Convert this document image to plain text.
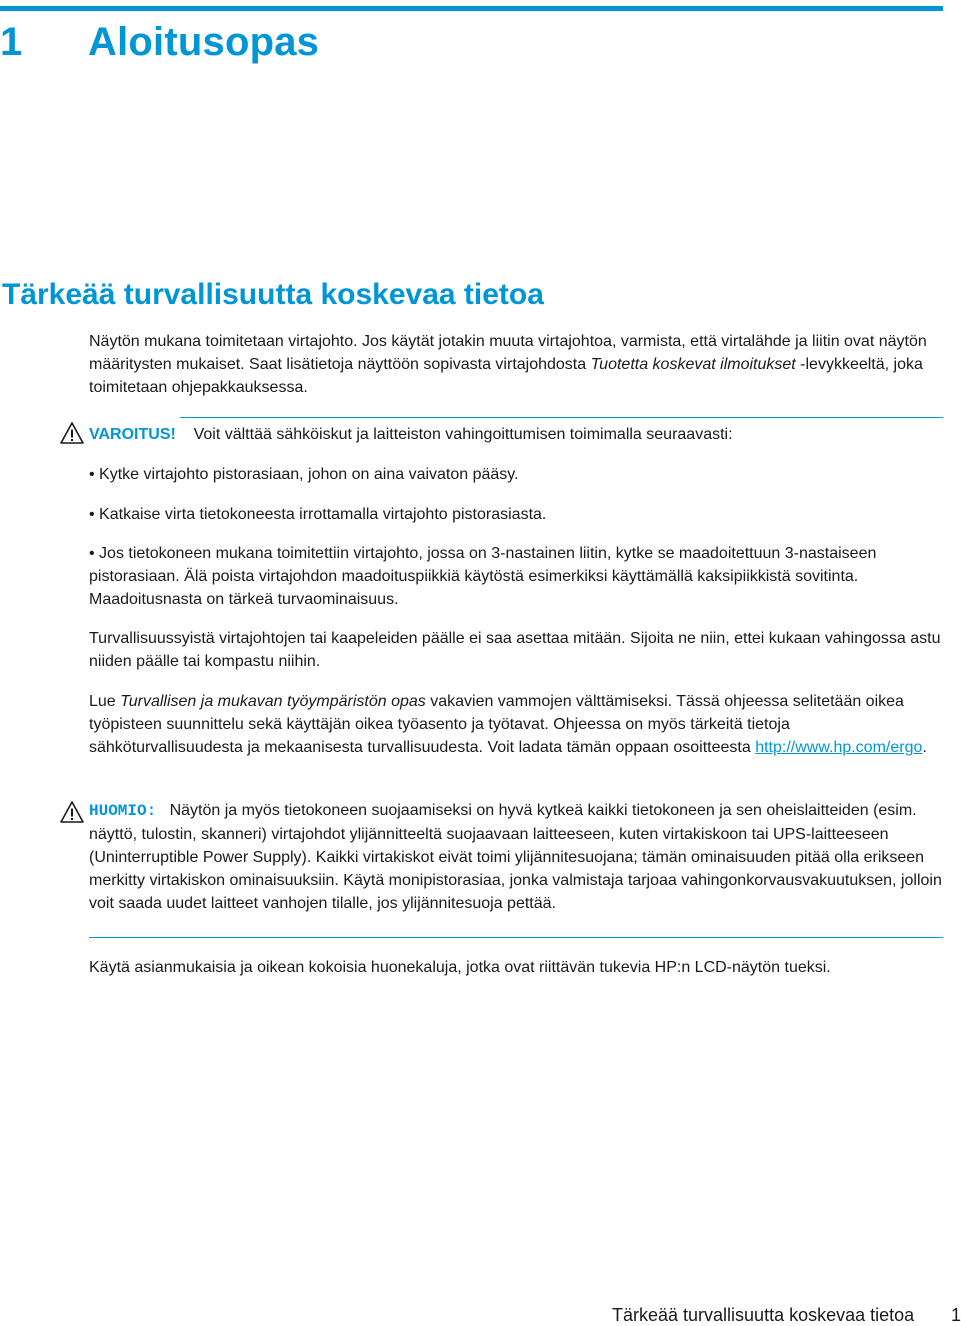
1 Aloitusopas
Tärkeää turvallisuutta koskevaa tietoa

Näytön mukana toimitetaan virtajohto. Jos käytät jotakin muuta virtajohtoa, varmista, että virtalähde ja liitin ovat näytön määritysten mukaiset. Saat lisätietoja näyttöön sopivasta virtajohdosta Tuotetta koskevat ilmoitukset -levykkeeltä, joka toimitetaan ohjepakkauksessa.

VAROITUS! Voit välttää sähköiskut ja laitteiston vahingoittumisen toimimalla seuraavasti:

• Kytke virtajohto pistorasiaan, johon on aina vaivaton pääsy.

• Katkaise virta tietokoneesta irrottamalla virtajohto pistorasiasta.

• Jos tietokoneen mukana toimitettiin virtajohto, jossa on 3-nastainen liitin, kytke se maadoitettuun 3-nastaiseen pistorasiaan. Älä poista virtajohdon maadoituspiikkiä käytöstä esimerkiksi käyttämällä kaksipiikkistä sovitinta. Maadoitusnasta on tärkeä turvaominaisuus.

Turvallisuussyistä virtajohtojen tai kaapeleiden päälle ei saa asettaa mitään. Sijoita ne niin, ettei kukaan vahingossa astu niiden päälle tai kompastu niihin.

Lue Turvallisen ja mukavan työympäristön opas vakavien vammojen välttämiseksi. Tässä ohjeessa selitetään oikea työpisteen suunnittelu sekä käyttäjän oikea työasento ja työtavat. Ohjeessa on myös tärkeitä tietoja sähköturvallisuudesta ja mekaanisesta turvallisuudesta. Voit ladata tämän oppaan osoitteesta http://www.hp.com/ergo.

HUOMIO: Näytön ja myös tietokoneen suojaamiseksi on hyvä kytkeä kaikki tietokoneen ja sen oheislaitteiden (esim. näyttö, tulostin, skanneri) virtajohdot ylijännitteeltä suojaavaan laitteeseen, kuten virtakiskoon tai UPS-laitteeseen (Uninterruptible Power Supply). Kaikki virtakiskot eivät toimi ylijännitesuojana; tämän ominaisuuden pitää olla erikseen merkitty virtakiskon ominaisuuksiin. Käytä monipistorasiaa, jonka valmistaja tarjoaa vahingonkorvausvakuutuksen, jolloin voit saada uudet laitteet vanhojen tilalle, jos ylijännitesuoja pettää.

Käytä asianmukaisia ja oikean kokoisia huonekaluja, jotka ovat riittävän tukevia HP:n LCD-näytön tueksi.

Tärkeää turvallisuutta koskevaa tietoa 1
